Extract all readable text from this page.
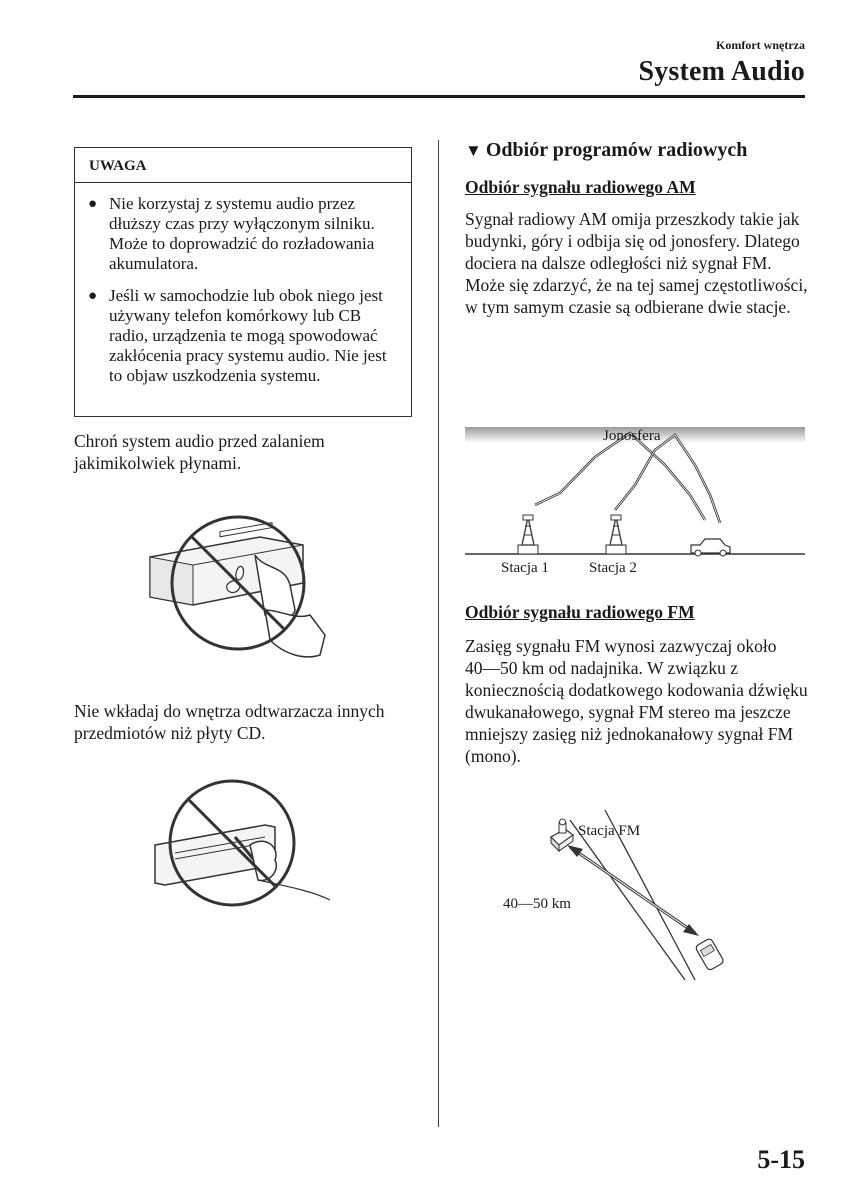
Komfort wnętrza
System Audio
UWAGA
● Nie korzystaj z systemu audio przez dłuższy czas przy wyłączonym silniku. Może to doprowadzić do rozładowania akumulatora.
● Jeśli w samochodzie lub obok niego jest używany telefon komórkowy lub CB radio, urządzenia te mogą spowodować zakłócenia pracy systemu audio. Nie jest to objaw uszkodzenia systemu.
Chroń system audio przed zalaniem jakimikolwiek płynami.
Nie wkładaj do wnętrza odtwarzacza innych przedmiotów niż płyty CD.
▼ Odbiór programów radiowych
Odbiór sygnału radiowego AM
Sygnał radiowy AM omija przeszkody takie jak budynki, góry i odbija się od jonosfery. Dlatego dociera na dalsze odległości niż sygnał FM. Może się zdarzyć, że na tej samej częstotliwości, w tym samym czasie są odbierane dwie stacje.
Jonosfera
Stacja 1	Stacja 2
Odbiór sygnału radiowego FM
Zasięg sygnału FM wynosi zazwyczaj około 40―50 km od nadajnika. W związku z koniecznością dodatkowego kodowania dźwięku dwukanałowego, sygnał FM stereo ma jeszcze mniejszy zasięg niż jednokanałowy sygnał FM (mono).
Stacja FM
40—50 km
5-15
